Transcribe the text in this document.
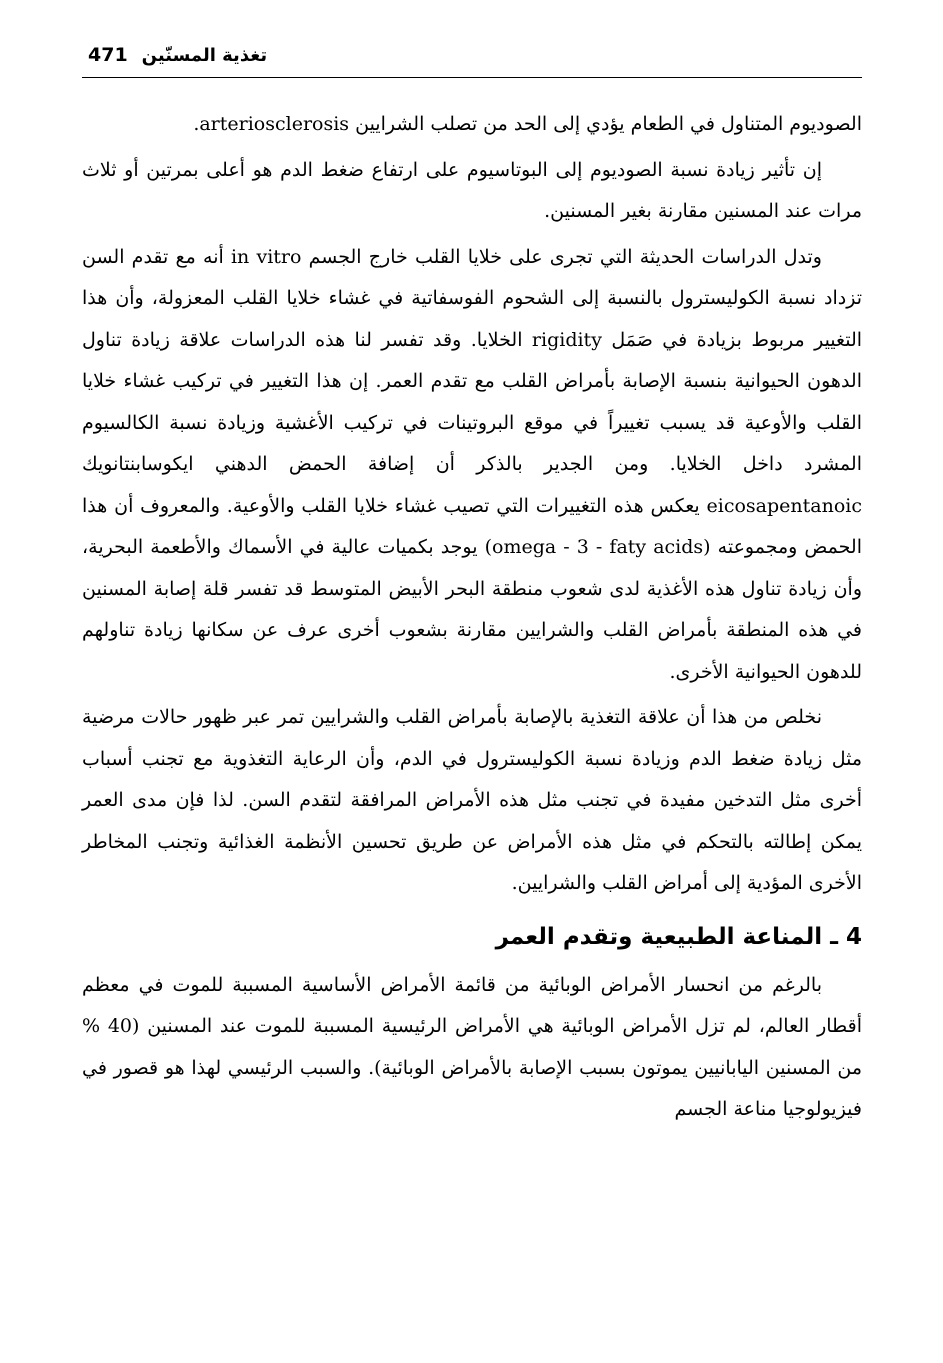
471 تغذية المسنّين

الصوديوم المتناول في الطعام يؤدي إلى الحد من تصلب الشرايين arteriosclerosis.

إن تأثير زيادة نسبة الصوديوم إلى البوتاسيوم على ارتفاع ضغط الدم هو أعلى بمرتين أو ثلاث مرات عند المسنين مقارنة بغير المسنين.

وتدل الدراسات الحديثة التي تجرى على خلايا القلب خارج الجسم in vitro أنه مع تقدم السن تزداد نسبة الكوليسترول بالنسبة إلى الشحوم الفوسفاتية في غشاء خلايا القلب المعزولة، وأن هذا التغيير مربوط بزيادة في صَمَل rigidity الخلايا. وقد تفسر لنا هذه الدراسات علاقة زيادة تناول الدهون الحيوانية بنسبة الإصابة بأمراض القلب مع تقدم العمر. إن هذا التغيير في تركيب غشاء خلايا القلب والأوعية قد يسبب تغييراً في موقع البروتينات في تركيب الأغشية وزيادة نسبة الكالسيوم المشرد داخل الخلايا. ومن الجدير بالذكر أن إضافة الحمض الدهني ايكوسابنتانويك eicosapentanoic يعكس هذه التغييرات التي تصيب غشاء خلايا القلب والأوعية. والمعروف أن هذا الحمض ومجموعته (omega - 3 - faty acids) يوجد بكميات عالية في الأسماك والأطعمة البحرية، وأن زيادة تناول هذه الأغذية لدى شعوب منطقة البحر الأبيض المتوسط قد تفسر قلة إصابة المسنين في هذه المنطقة بأمراض القلب والشرايين مقارنة بشعوب أخرى عرف عن سكانها زيادة تناولهم للدهون الحيوانية الأخرى.

نخلص من هذا أن علاقة التغذية بالإصابة بأمراض القلب والشرايين تمر عبر ظهور حالات مرضية مثل زيادة ضغط الدم وزيادة نسبة الكوليسترول في الدم، وأن الرعاية التغذوية مع تجنب أسباب أخرى مثل التدخين مفيدة في تجنب مثل هذه الأمراض المرافقة لتقدم السن. لذا فإن مدى العمر يمكن إطالته بالتحكم في مثل هذه الأمراض عن طريق تحسين الأنظمة الغذائية وتجنب المخاطر الأخرى المؤدية إلى أمراض القلب والشرايين.

4 ـ المناعة الطبيعية وتقدم العمر

بالرغم من انحسار الأمراض الوبائية من قائمة الأمراض الأساسية المسببة للموت في معظم أقطار العالم، لم تزل الأمراض الوبائية هي الأمراض الرئيسية المسببة للموت عند المسنين (40 % من المسنين اليابانيين يموتون بسبب الإصابة بالأمراض الوبائية). والسبب الرئيسي لهذا هو قصور في فيزيولوجيا مناعة الجسم
